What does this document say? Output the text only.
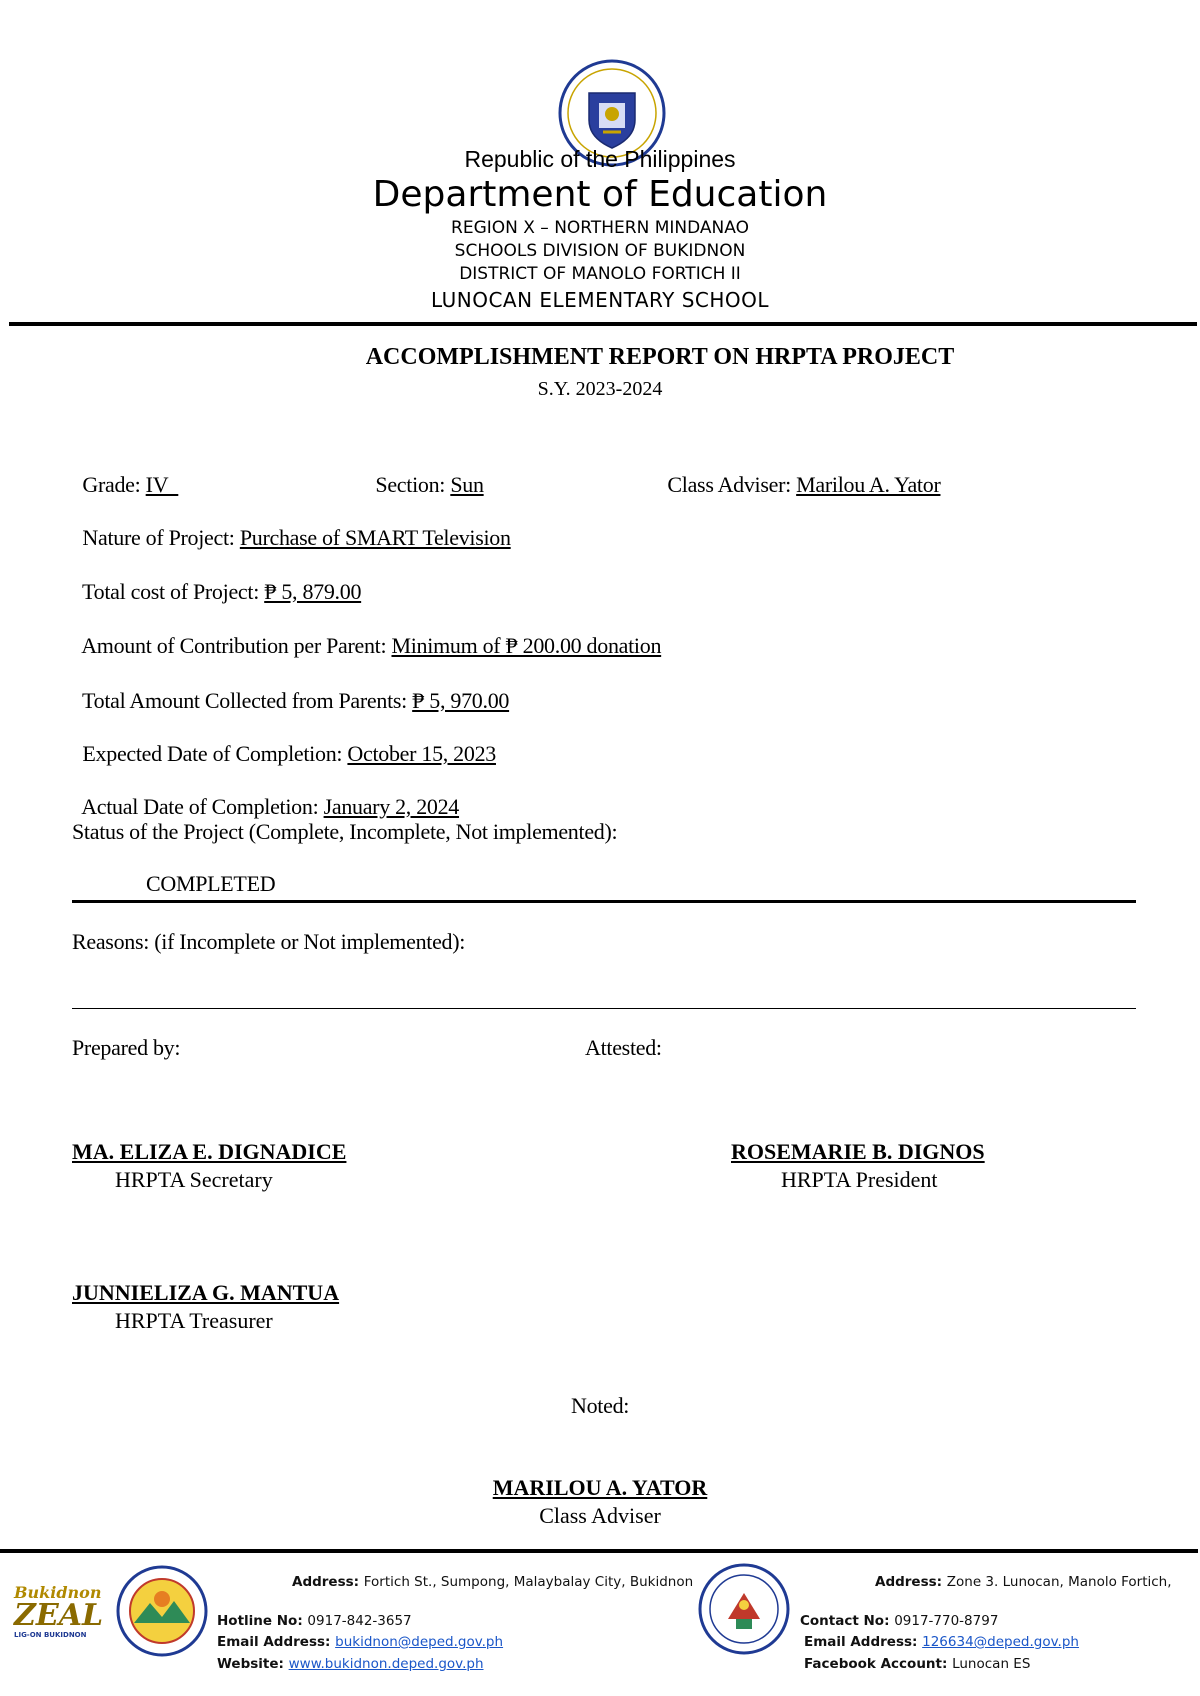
Republic of the Philippines
Department of Education
REGION X – NORTHERN MINDANAO
SCHOOLS DIVISION OF BUKIDNON
DISTRICT OF MANOLO FORTICH II
LUNOCAN ELEMENTARY SCHOOL
ACCOMPLISHMENT REPORT ON HRPTA PROJECT
S.Y. 2023-2024

Grade: IV	Section: Sun	Class Adviser: Marilou A. Yator

Nature of Project: Purchase of SMART Television

Total cost of Project: ₱ 5, 879.00

Amount of Contribution per Parent: Minimum of ₱ 200.00 donation

Total Amount Collected from Parents: ₱ 5, 970.00

Expected Date of Completion: October 15, 2023

Actual Date of Completion: January 2, 2024

Status of the Project (Complete, Incomplete, Not implemented):
COMPLETED
Reasons: (if Incomplete or Not implemented):
Prepared by:	Attested:
MA. ELIZA E. DIGNADICE
HRPTA Secretary
ROSEMARIE B. DIGNOS
HRPTA President
JUNNIELIZA G. MANTUA
HRPTA Treasurer
Noted:
MARILOU A. YATOR
Class Adviser
Bukidnon
ZEAL
LIG-ON BUKIDNON
Address: Fortich St., Sumpong, Malaybalay City, Bukidnon
Hotline No: 0917-842-3657
Email Address: bukidnon@deped.gov.ph
Website: www.bukidnon.deped.gov.ph
Address: Zone 3. Lunocan, Manolo Fortich,
Contact No: 0917-770-8797
Email Address: 126634@deped.gov.ph
Facebook Account: Lunocan ES
